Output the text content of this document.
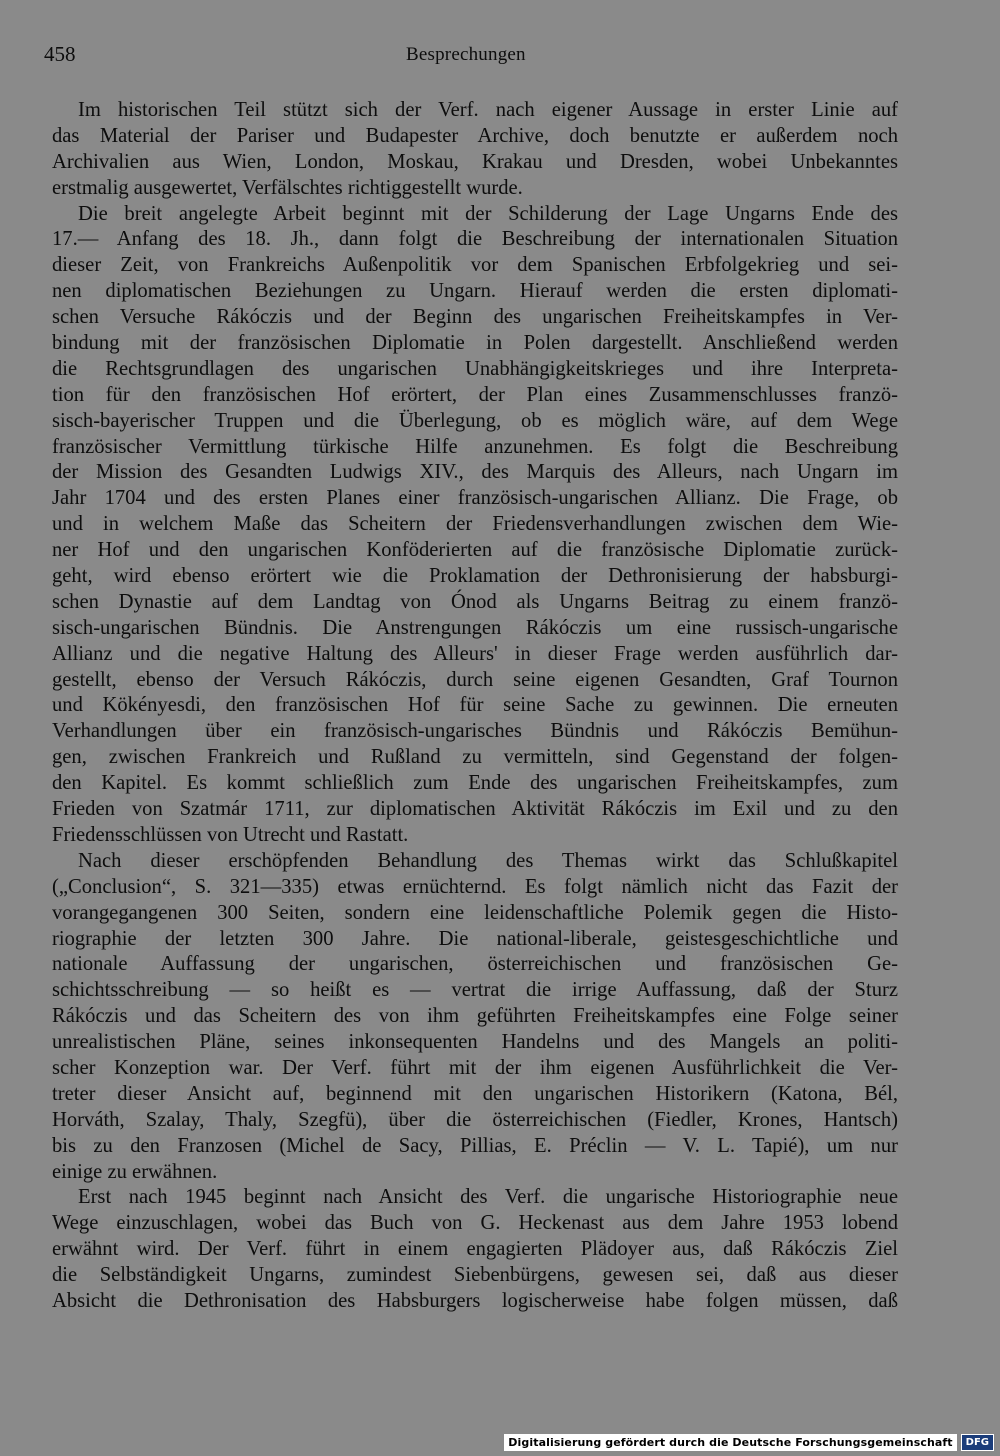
458	Besprechungen
Im historischen Teil stützt sich der Verf. nach eigener Aussage in erster Linie auf
das Material der Pariser und Budapester Archive, doch benutzte er außerdem noch
Archivalien aus Wien, London, Moskau, Krakau und Dresden, wobei Unbekanntes
erstmalig ausgewertet, Verfälschtes richtiggestellt wurde.
Die breit angelegte Arbeit beginnt mit der Schilderung der Lage Ungarns Ende des
17.— Anfang des 18. Jh., dann folgt die Beschreibung der internationalen Situation
dieser Zeit, von Frankreichs Außenpolitik vor dem Spanischen Erbfolgekrieg und sei-
nen diplomatischen Beziehungen zu Ungarn. Hierauf werden die ersten diplomati-
schen Versuche Rákóczis und der Beginn des ungarischen Freiheitskampfes in Ver-
bindung mit der französischen Diplomatie in Polen dargestellt. Anschließend werden
die Rechtsgrundlagen des ungarischen Unabhängigkeitskrieges und ihre Interpreta-
tion für den französischen Hof erörtert, der Plan eines Zusammenschlusses franzö-
sisch-bayerischer Truppen und die Überlegung, ob es möglich wäre, auf dem Wege
französischer Vermittlung türkische Hilfe anzunehmen. Es folgt die Beschreibung
der Mission des Gesandten Ludwigs XIV., des Marquis des Alleurs, nach Ungarn im
Jahr 1704 und des ersten Planes einer französisch-ungarischen Allianz. Die Frage, ob
und in welchem Maße das Scheitern der Friedensverhandlungen zwischen dem Wie-
ner Hof und den ungarischen Konföderierten auf die französische Diplomatie zurück-
geht, wird ebenso erörtert wie die Proklamation der Dethronisierung der habsburgi-
schen Dynastie auf dem Landtag von Ónod als Ungarns Beitrag zu einem franzö-
sisch-ungarischen Bündnis. Die Anstrengungen Rákóczis um eine russisch-ungarische
Allianz und die negative Haltung des Alleurs' in dieser Frage werden ausführlich dar-
gestellt, ebenso der Versuch Rákóczis, durch seine eigenen Gesandten, Graf Tournon
und Kökényesdi, den französischen Hof für seine Sache zu gewinnen. Die erneuten
Verhandlungen über ein französisch-ungarisches Bündnis und Rákóczis Bemühun-
gen, zwischen Frankreich und Rußland zu vermitteln, sind Gegenstand der folgen-
den Kapitel. Es kommt schließlich zum Ende des ungarischen Freiheitskampfes, zum
Frieden von Szatmár 1711, zur diplomatischen Aktivität Rákóczis im Exil und zu den
Friedensschlüssen von Utrecht und Rastatt.
Nach dieser erschöpfenden Behandlung des Themas wirkt das Schlußkapitel
(„Conclusion“, S. 321—335) etwas ernüchternd. Es folgt nämlich nicht das Fazit der
vorangegangenen 300 Seiten, sondern eine leidenschaftliche Polemik gegen die Histo-
riographie der letzten 300 Jahre. Die national-liberale, geistesgeschichtliche und
nationale Auffassung der ungarischen, österreichischen und französischen Ge-
schichtsschreibung — so heißt es — vertrat die irrige Auffassung, daß der Sturz
Rákóczis und das Scheitern des von ihm geführten Freiheitskampfes eine Folge seiner
unrealistischen Pläne, seines inkonsequenten Handelns und des Mangels an politi-
scher Konzeption war. Der Verf. führt mit der ihm eigenen Ausführlichkeit die Ver-
treter dieser Ansicht auf, beginnend mit den ungarischen Historikern (Katona, Bél,
Horváth, Szalay, Thaly, Szegfü), über die österreichischen (Fiedler, Krones, Hantsch)
bis zu den Franzosen (Michel de Sacy, Pillias, E. Préclin — V. L. Tapié), um nur
einige zu erwähnen.
Erst nach 1945 beginnt nach Ansicht des Verf. die ungarische Historiographie neue
Wege einzuschlagen, wobei das Buch von G. Heckenast aus dem Jahre 1953 lobend
erwähnt wird. Der Verf. führt in einem engagierten Plädoyer aus, daß Rákóczis Ziel
die Selbständigkeit Ungarns, zumindest Siebenbürgens, gewesen sei, daß aus dieser
Absicht die Dethronisation des Habsburgers logischerweise habe folgen müssen, daß
Digitalisierung gefördert durch die Deutsche Forschungsgemeinschaft	DFG
